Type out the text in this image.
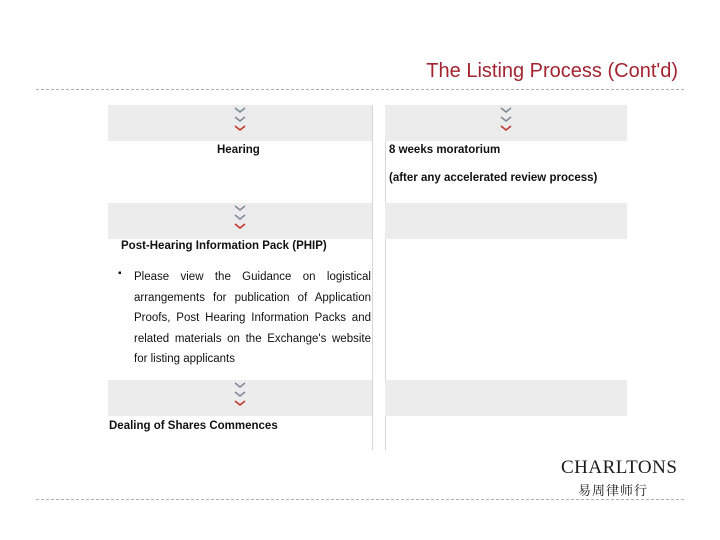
The Listing Process (Cont'd)
Hearing
Post-Hearing Information Pack (PHIP)
▪ Please view the Guidance on logistical arrangements for publication of Application Proofs, Post Hearing Information Packs and related materials on the Exchange's website for listing applicants
Dealing of Shares Commences
8 weeks moratorium
(after any accelerated review process)
CHARLTONS
易周律师行
